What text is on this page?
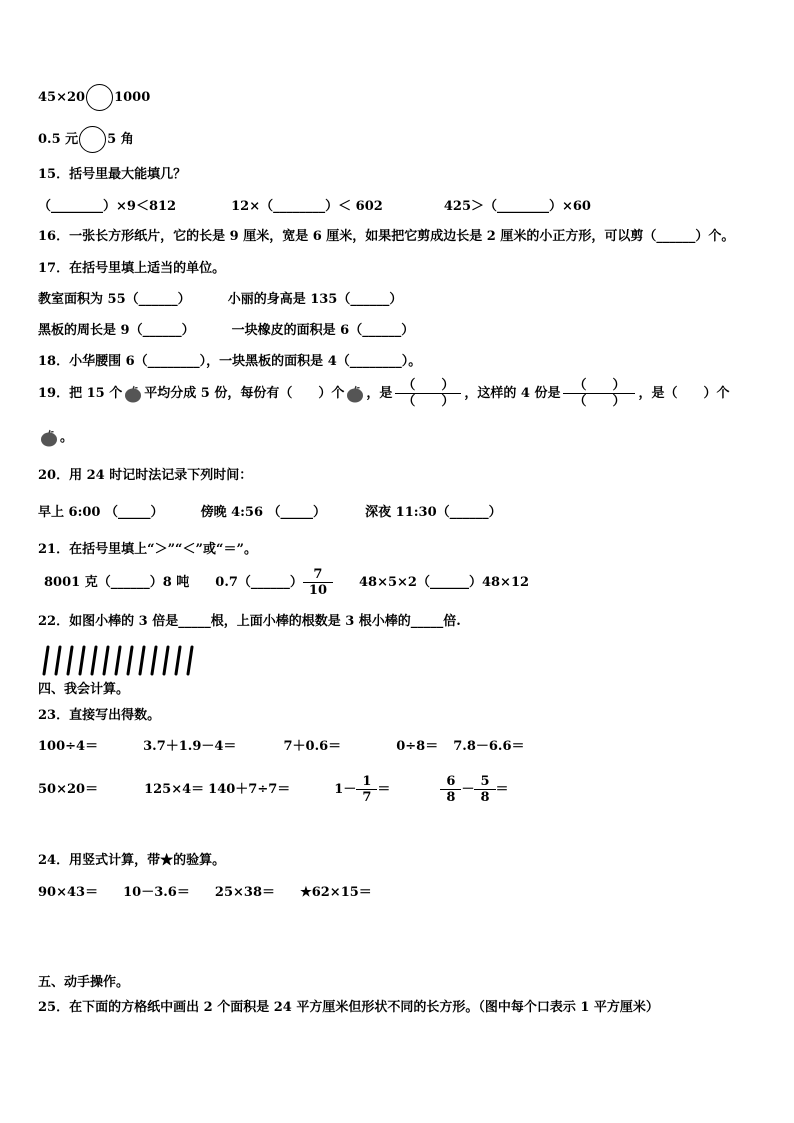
45×20 1000
0.5 元 5 角
15．括号里最大能填几？
（________）×9＜812	12×（________）＜ 602	425＞（________）×60
16．一张长方形纸片，它的长是 9 厘米，宽是 6 厘米，如果把它剪成边长是 2 厘米的小正方形，可以剪（______）个。
17．在括号里填上适当的单位。
教室面积为 55（______）	小丽的身高是 135（______）
黑板的周长是 9（______）	一块橡皮的面积是 6（______）
18．小华腰围 6（________），一块黑板的面积是 4（________）。
19．把 15 个 平均分成 5 份，每份有（　　）个 ，是 $\frac{( )}{( )}$ ，这样的 4 份是 $\frac{( )}{( )}$ ，是（　　）个
。
20．用 24 时记时法记录下列时间：
早上 6:00 （_____）	傍晚 4:56 （_____）	深夜 11:30（______）
21．在括号里填上“＞”“＜”或“＝”。
8001 克（______）8 吨 0.7（______） $\frac{7}{10}$ 48×5×2（______）48×12
22．如图小棒的 3 倍是_____根，上面小棒的根数是 3 根小棒的_____倍.
四、我会计算。
23．直接写出得数。
100÷4＝	3.7＋1.9－4＝	7＋0.6＝	0÷8＝ 7.8－6.6＝
50×20＝	125×4＝ 140＋7÷7＝	$1- \frac{1}{7}$ ＝	$\frac{6}{8} - \frac{5}{8}$ ＝
24．用竖式计算，带★的验算。
90×43＝ 10－3.6＝ 25×38＝ ★62×15＝
五、动手操作。
25．在下面的方格纸中画出 2 个面积是 24 平方厘米但形状不同的长方形。（图中每个口表示 1 平方厘米）
